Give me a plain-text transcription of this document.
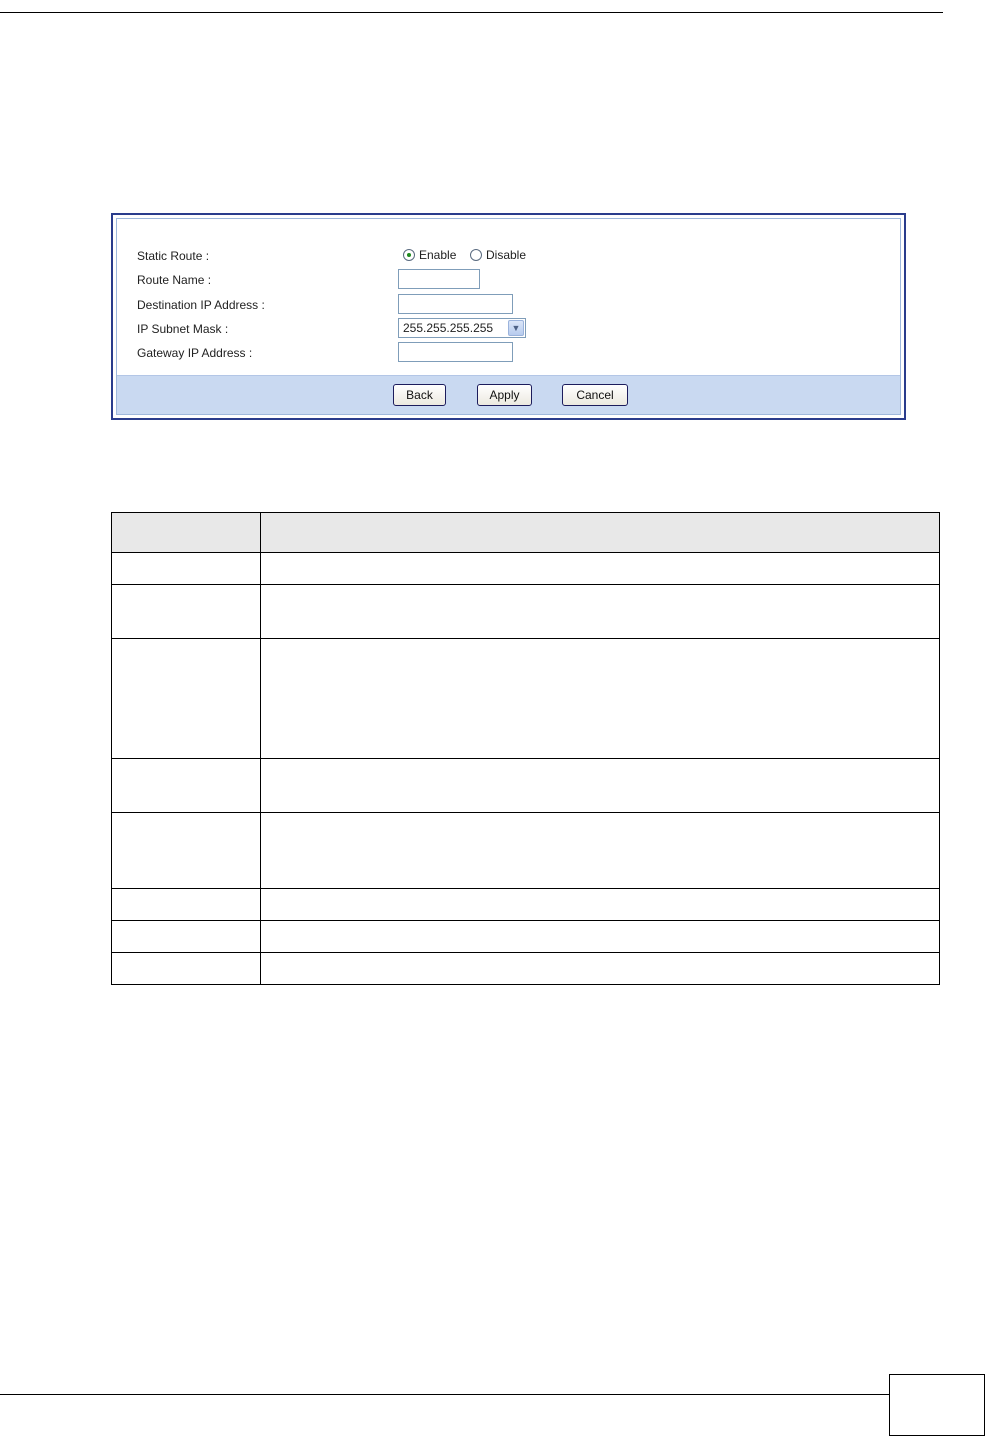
Static Route :	Enable Disable
Route Name :
Destination IP Address :
IP Subnet Mask :	255.255.255.255	▼
Gateway IP Address :
Back	Apply	Cancel
